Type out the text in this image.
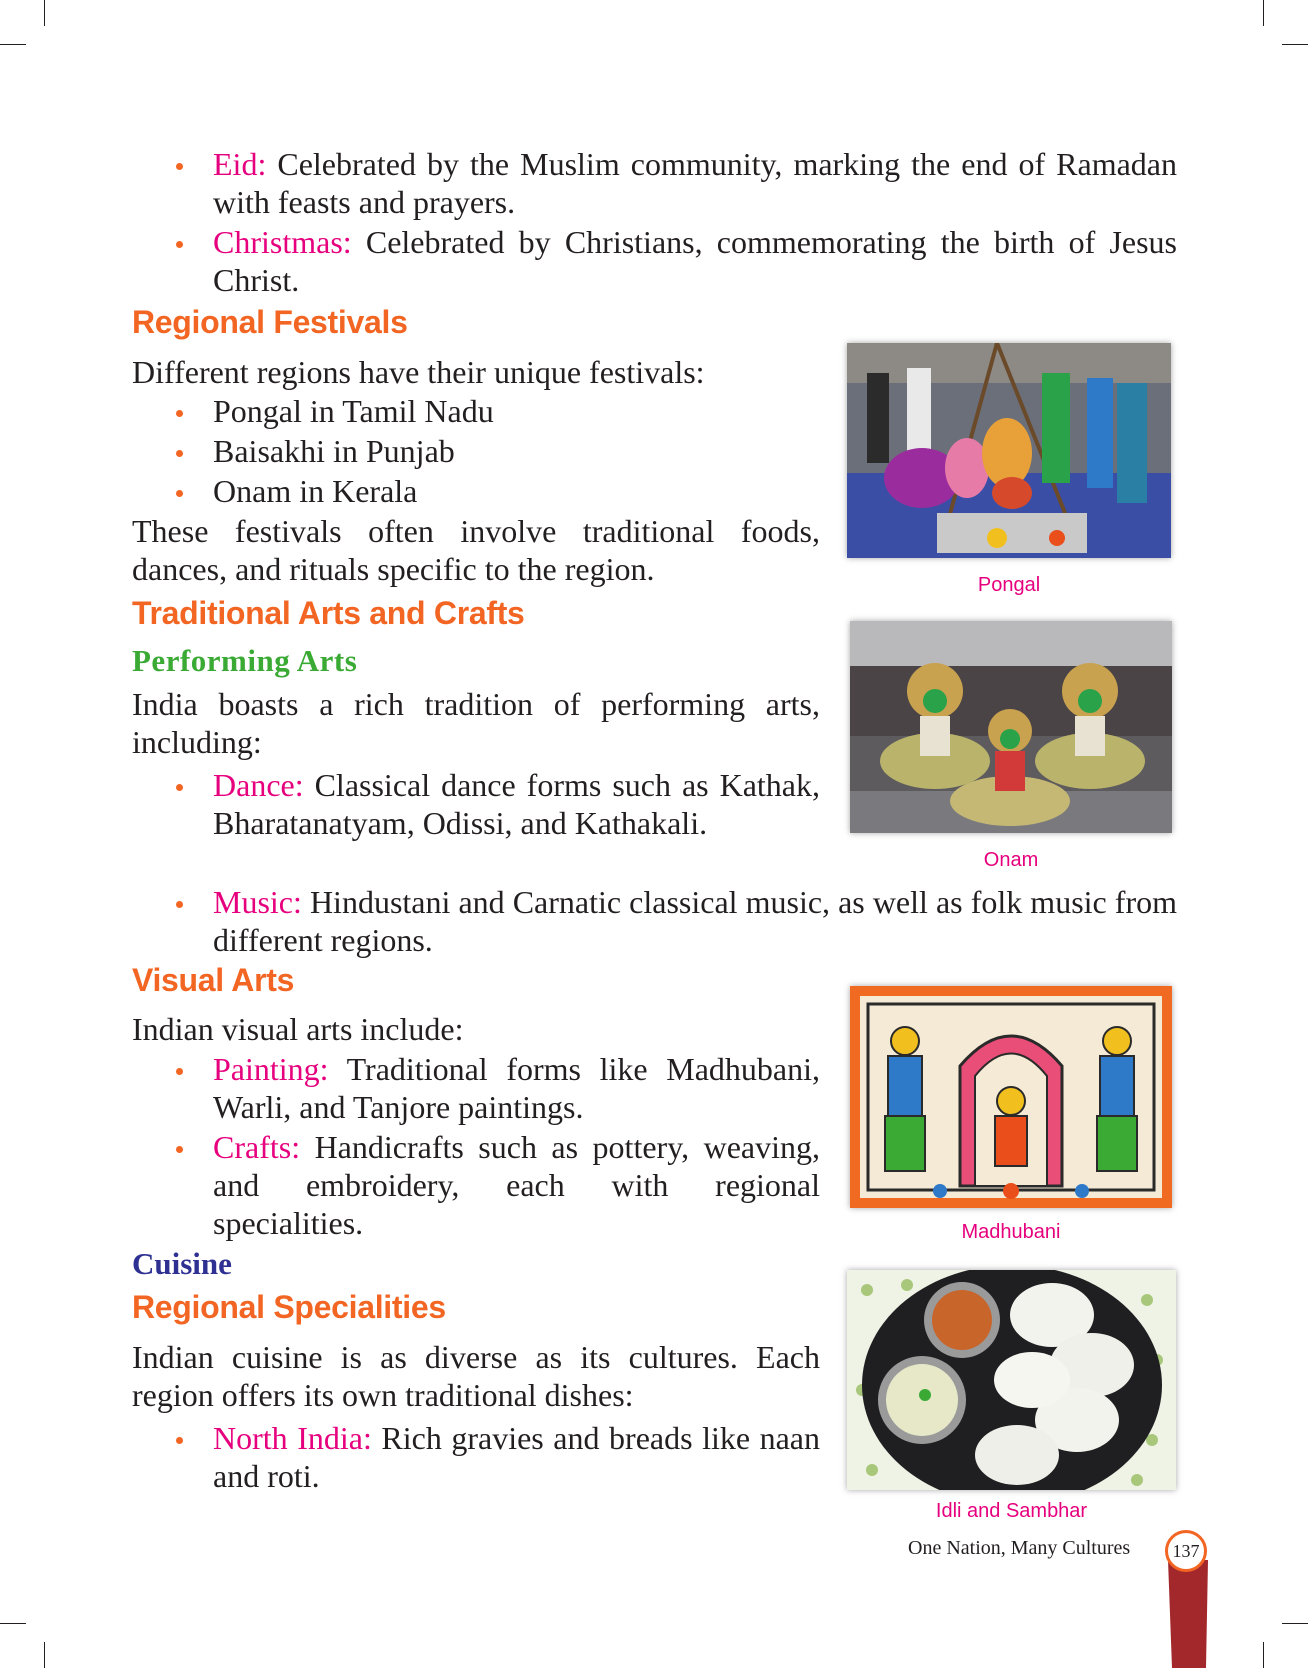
Eid: Celebrated by the Muslim community, marking the end of Ramadan with feasts and prayers.
Christmas: Celebrated by Christians, commemorating the birth of Jesus Christ.
Regional Festivals
Different regions have their unique festivals:
Pongal in Tamil Nadu
Baisakhi in Punjab
Onam in Kerala
These festivals often involve traditional foods, dances, and rituals specific to the region.
Traditional Arts and Crafts
Performing Arts
India boasts a rich tradition of performing arts, including:
Dance: Classical dance forms such as Kathak, Bharatanatyam, Odissi, and Kathakali.
Music: Hindustani and Carnatic classical music, as well as folk music from different regions.
Visual Arts
Indian visual arts include:
Painting: Traditional forms like Madhubani, Warli, and Tanjore paintings.
Crafts: Handicrafts such as pottery, weaving, and embroidery, each with regional specialities.
Cuisine
Regional Specialities
Indian cuisine is as diverse as its cultures. Each region offers its own traditional dishes:
North India: Rich gravies and breads like naan and roti.
Pongal
Onam
Madhubani
Idli and Sambhar
One Nation, Many Cultures 137
